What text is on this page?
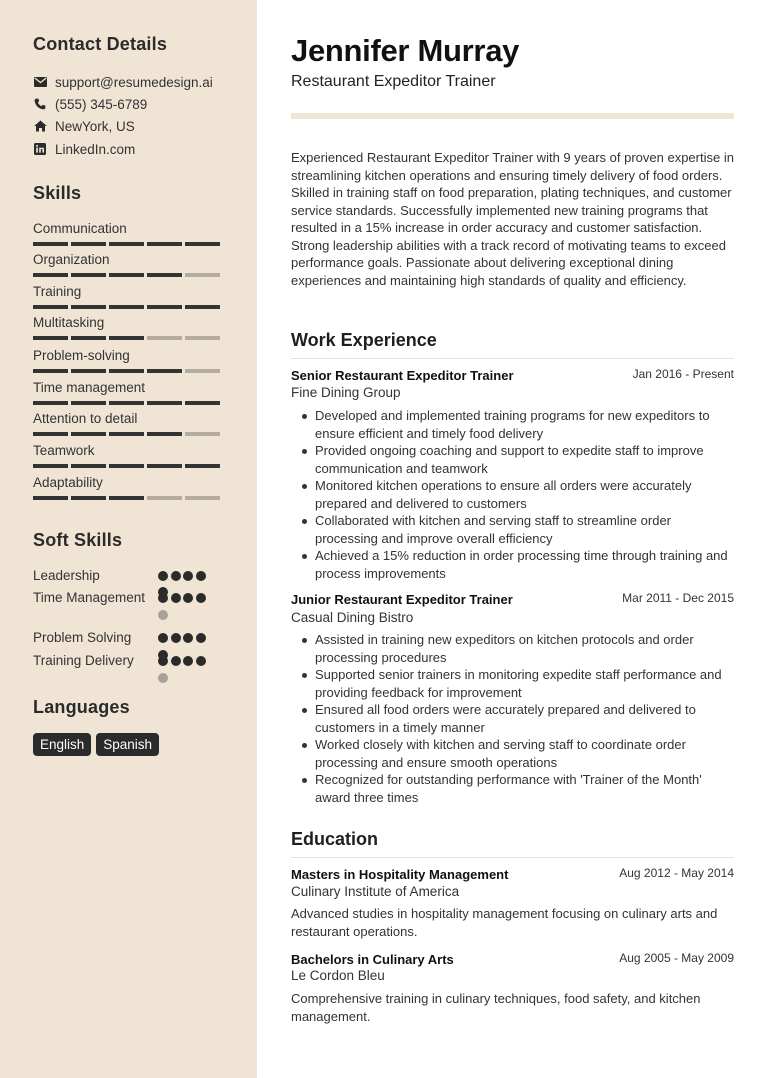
Contact Details
support@resumedesign.ai
(555) 345-6789
NewYork, US
LinkedIn.com
Skills
Communication
Organization
Training
Multitasking
Problem-solving
Time management
Attention to detail
Teamwork
Adaptability
Soft Skills
Leadership
Time Management
Problem Solving
Training Delivery
Languages
English	Spanish
Jennifer Murray
Restaurant Expeditor Trainer
Experienced Restaurant Expeditor Trainer with 9 years of proven expertise in streamlining kitchen operations and ensuring timely delivery of food orders. Skilled in training staff on food preparation, plating techniques, and customer service standards. Successfully implemented new training programs that resulted in a 15% increase in order accuracy and customer satisfaction. Strong leadership abilities with a track record of motivating teams to exceed performance goals. Passionate about delivering exceptional dining experiences and maintaining high standards of quality and efficiency.
Work Experience
Senior Restaurant Expeditor Trainer	Jan 2016 - Present
Fine Dining Group
Developed and implemented training programs for new expeditors to ensure efficient and timely food delivery
Provided ongoing coaching and support to expedite staff to improve communication and teamwork
Monitored kitchen operations to ensure all orders were accurately prepared and delivered to customers
Collaborated with kitchen and serving staff to streamline order processing and improve overall efficiency
Achieved a 15% reduction in order processing time through training and process improvements
Junior Restaurant Expeditor Trainer	Mar 2011 - Dec 2015
Casual Dining Bistro
Assisted in training new expeditors on kitchen protocols and order processing procedures
Supported senior trainers in monitoring expedite staff performance and providing feedback for improvement
Ensured all food orders were accurately prepared and delivered to customers in a timely manner
Worked closely with kitchen and serving staff to coordinate order processing and ensure smooth operations
Recognized for outstanding performance with 'Trainer of the Month' award three times
Education
Masters in Hospitality Management	Aug 2012 - May 2014
Culinary Institute of America
Advanced studies in hospitality management focusing on culinary arts and restaurant operations.
Bachelors in Culinary Arts	Aug 2005 - May 2009
Le Cordon Bleu
Comprehensive training in culinary techniques, food safety, and kitchen management.
